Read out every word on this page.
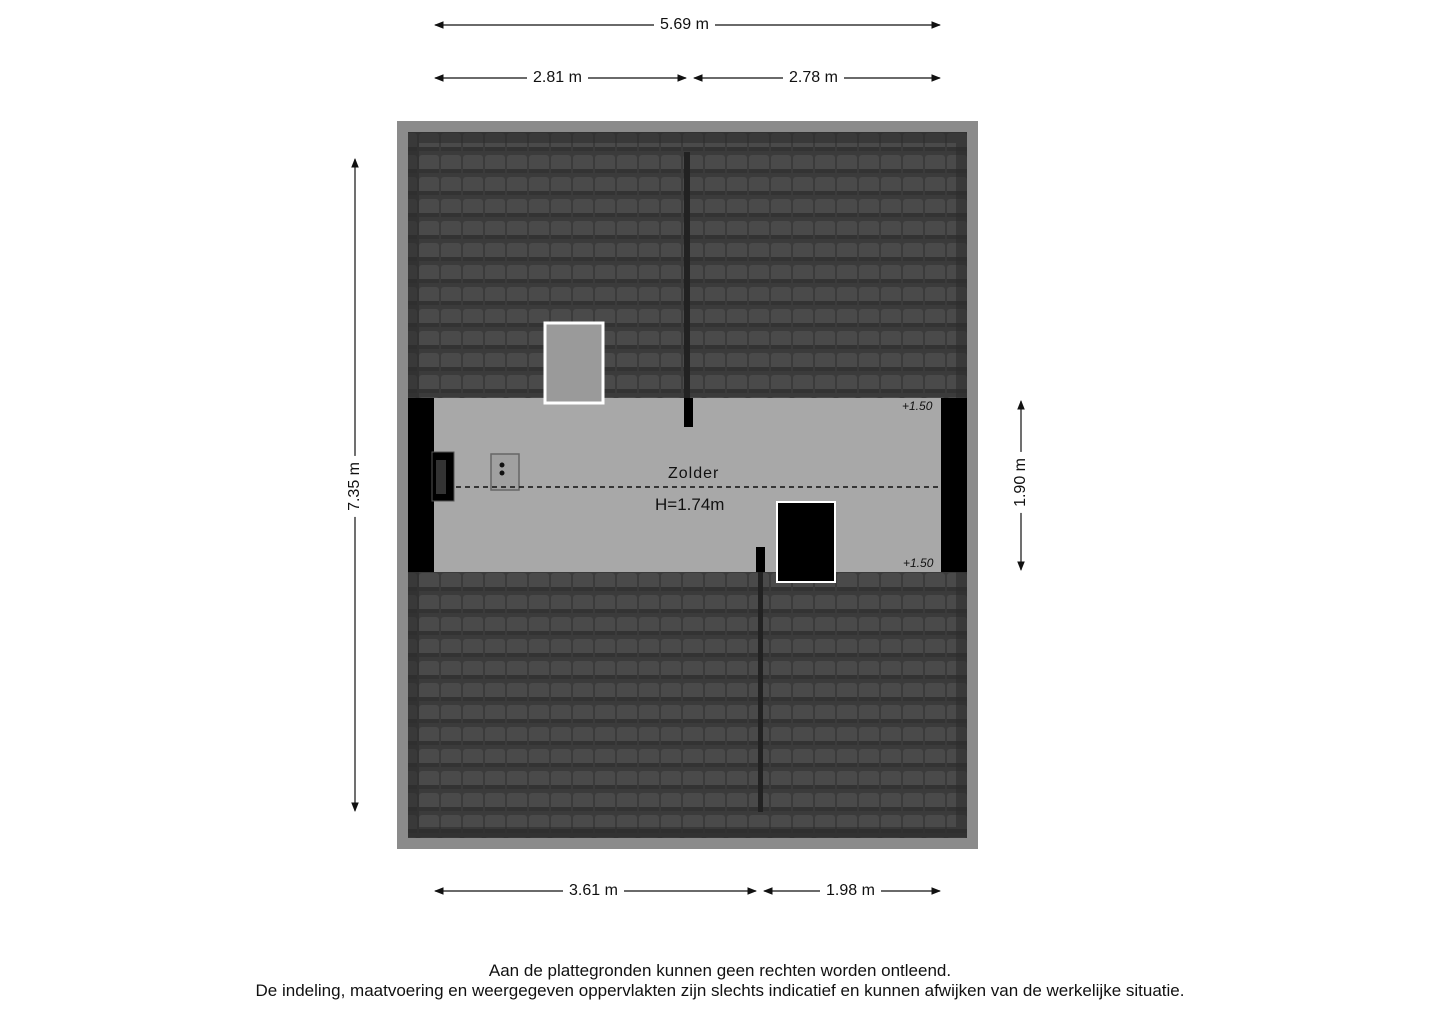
5.69 m
2.81 m	2.78 m
7.35 m	1.90 m
3.61 m	1.98 m
Zolder
H=1.74m
+1.50
+1.50
Aan de plattegronden kunnen geen rechten worden ontleend.
De indeling, maatvoering en weergegeven oppervlakten zijn slechts indicatief en kunnen afwijken van de werkelijke situatie.
